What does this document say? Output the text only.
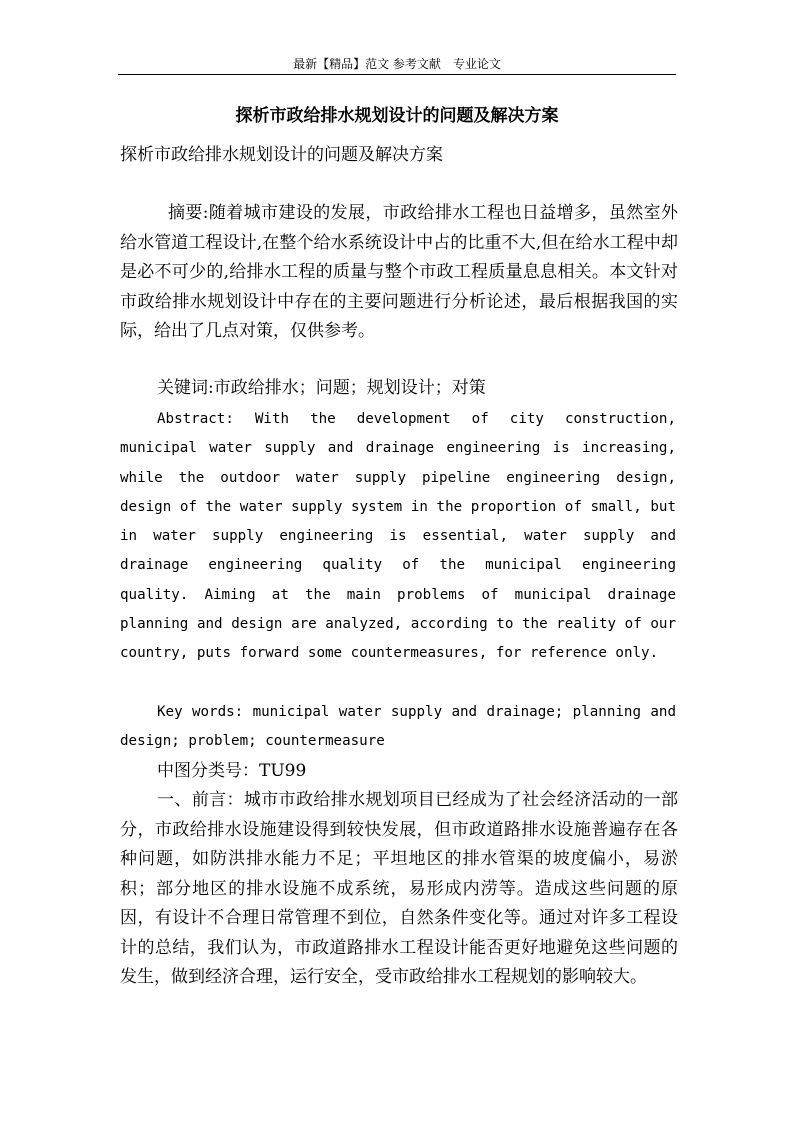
最新【精品】范文 参考文献　专业论文
探析市政给排水规划设计的问题及解决方案
探析市政给排水规划设计的问题及解决方案
摘要:随着城市建设的发展，市政给排水工程也日益增多，虽然室外给水管道工程设计,在整个给水系统设计中占的比重不大,但在给水工程中却是必不可少的,给排水工程的质量与整个市政工程质量息息相关。本文针对市政给排水规划设计中存在的主要问题进行分析论述，最后根据我国的实际，给出了几点对策，仅供参考。
关键词:市政给排水；问题；规划设计；对策
Abstract: With the development of city construction, municipal water supply and drainage engineering is increasing, while the outdoor water supply pipeline engineering design, design of the water supply system in the proportion of small, but in water supply engineering is essential, water supply and drainage engineering quality of the municipal engineering quality. Aiming at the main problems of municipal drainage planning and design are analyzed, according to the reality of our country, puts forward some countermeasures, for reference only.
Key words: municipal water supply and drainage; planning and design; problem; countermeasure
中图分类号：TU99
一、前言：城市市政给排水规划项目已经成为了社会经济活动的一部分，市政给排水设施建设得到较快发展，但市政道路排水设施普遍存在各种问题，如防洪排水能力不足；平坦地区的排水管渠的坡度偏小，易淤积；部分地区的排水设施不成系统，易形成内涝等。造成这些问题的原因，有设计不合理日常管理不到位，自然条件变化等。通过对许多工程设计的总结，我们认为，市政道路排水工程设计能否更好地避免这些问题的发生，做到经济合理，运行安全，受市政给排水工程规划的影响较大。
